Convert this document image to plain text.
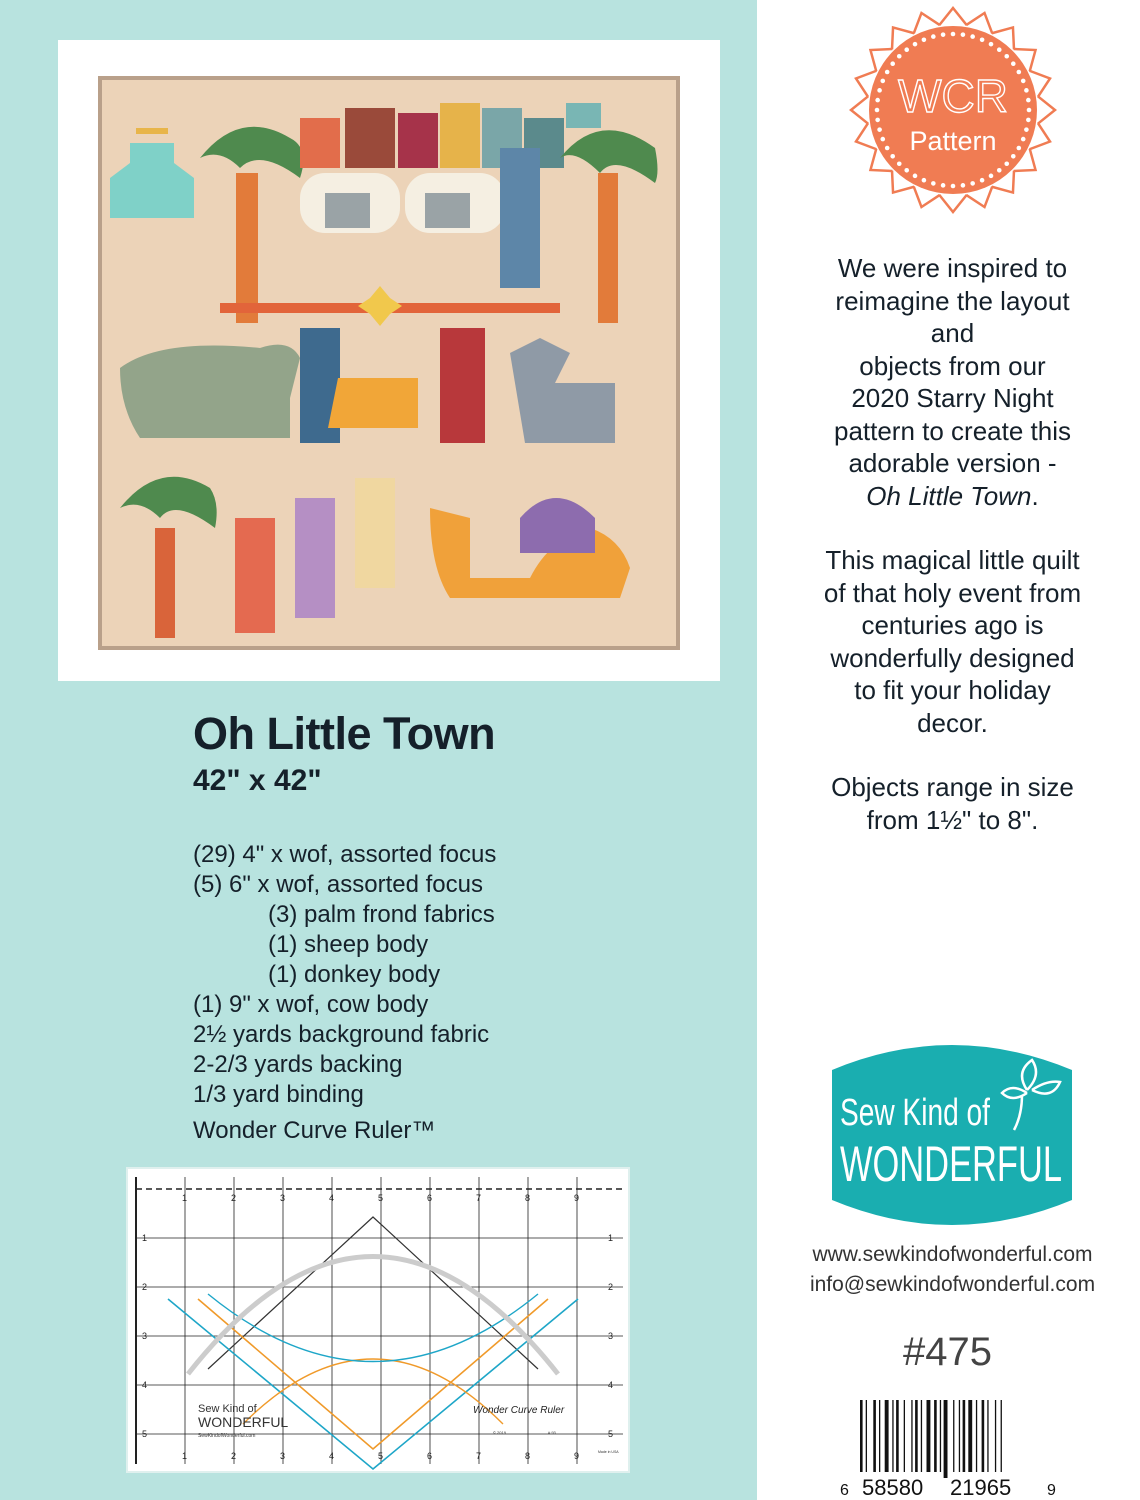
Oh Little Town
42" x 42"
(29) 4" x wof, assorted focus
(5) 6" x wof, assorted focus
(3) palm frond fabrics
(1) sheep body
(1) donkey body
(1) 9" x wof, cow body
2½ yards background fabric
2-2/3 yards backing
1/3 yard binding
Wonder Curve Ruler™
1
1
2
2
3
3
4
4
5
5
6
6
7
7
8
8
9
9
1	1
2	2
3	3
4	4
5	5
Sew Kind of
WONDERFUL
SewKindofWonderful.com
Wonder Curve Ruler
© 2019	# 93
Made in USA
WCR
Pattern
We were inspired to
reimagine the layout
and
objects from our
2020 Starry Night
pattern to create this
adorable version -
Oh Little Town.
This magical little quilt
of that holy event from
centuries ago is
wonderfully designed
to fit your holiday
decor.
Objects range in size
from 1½" to 8".
Sew Kind of
WONDERFUL
www.sewkindofwonderful.com
info@sewkindofwonderful.com
#475
6 58580 21965 9
